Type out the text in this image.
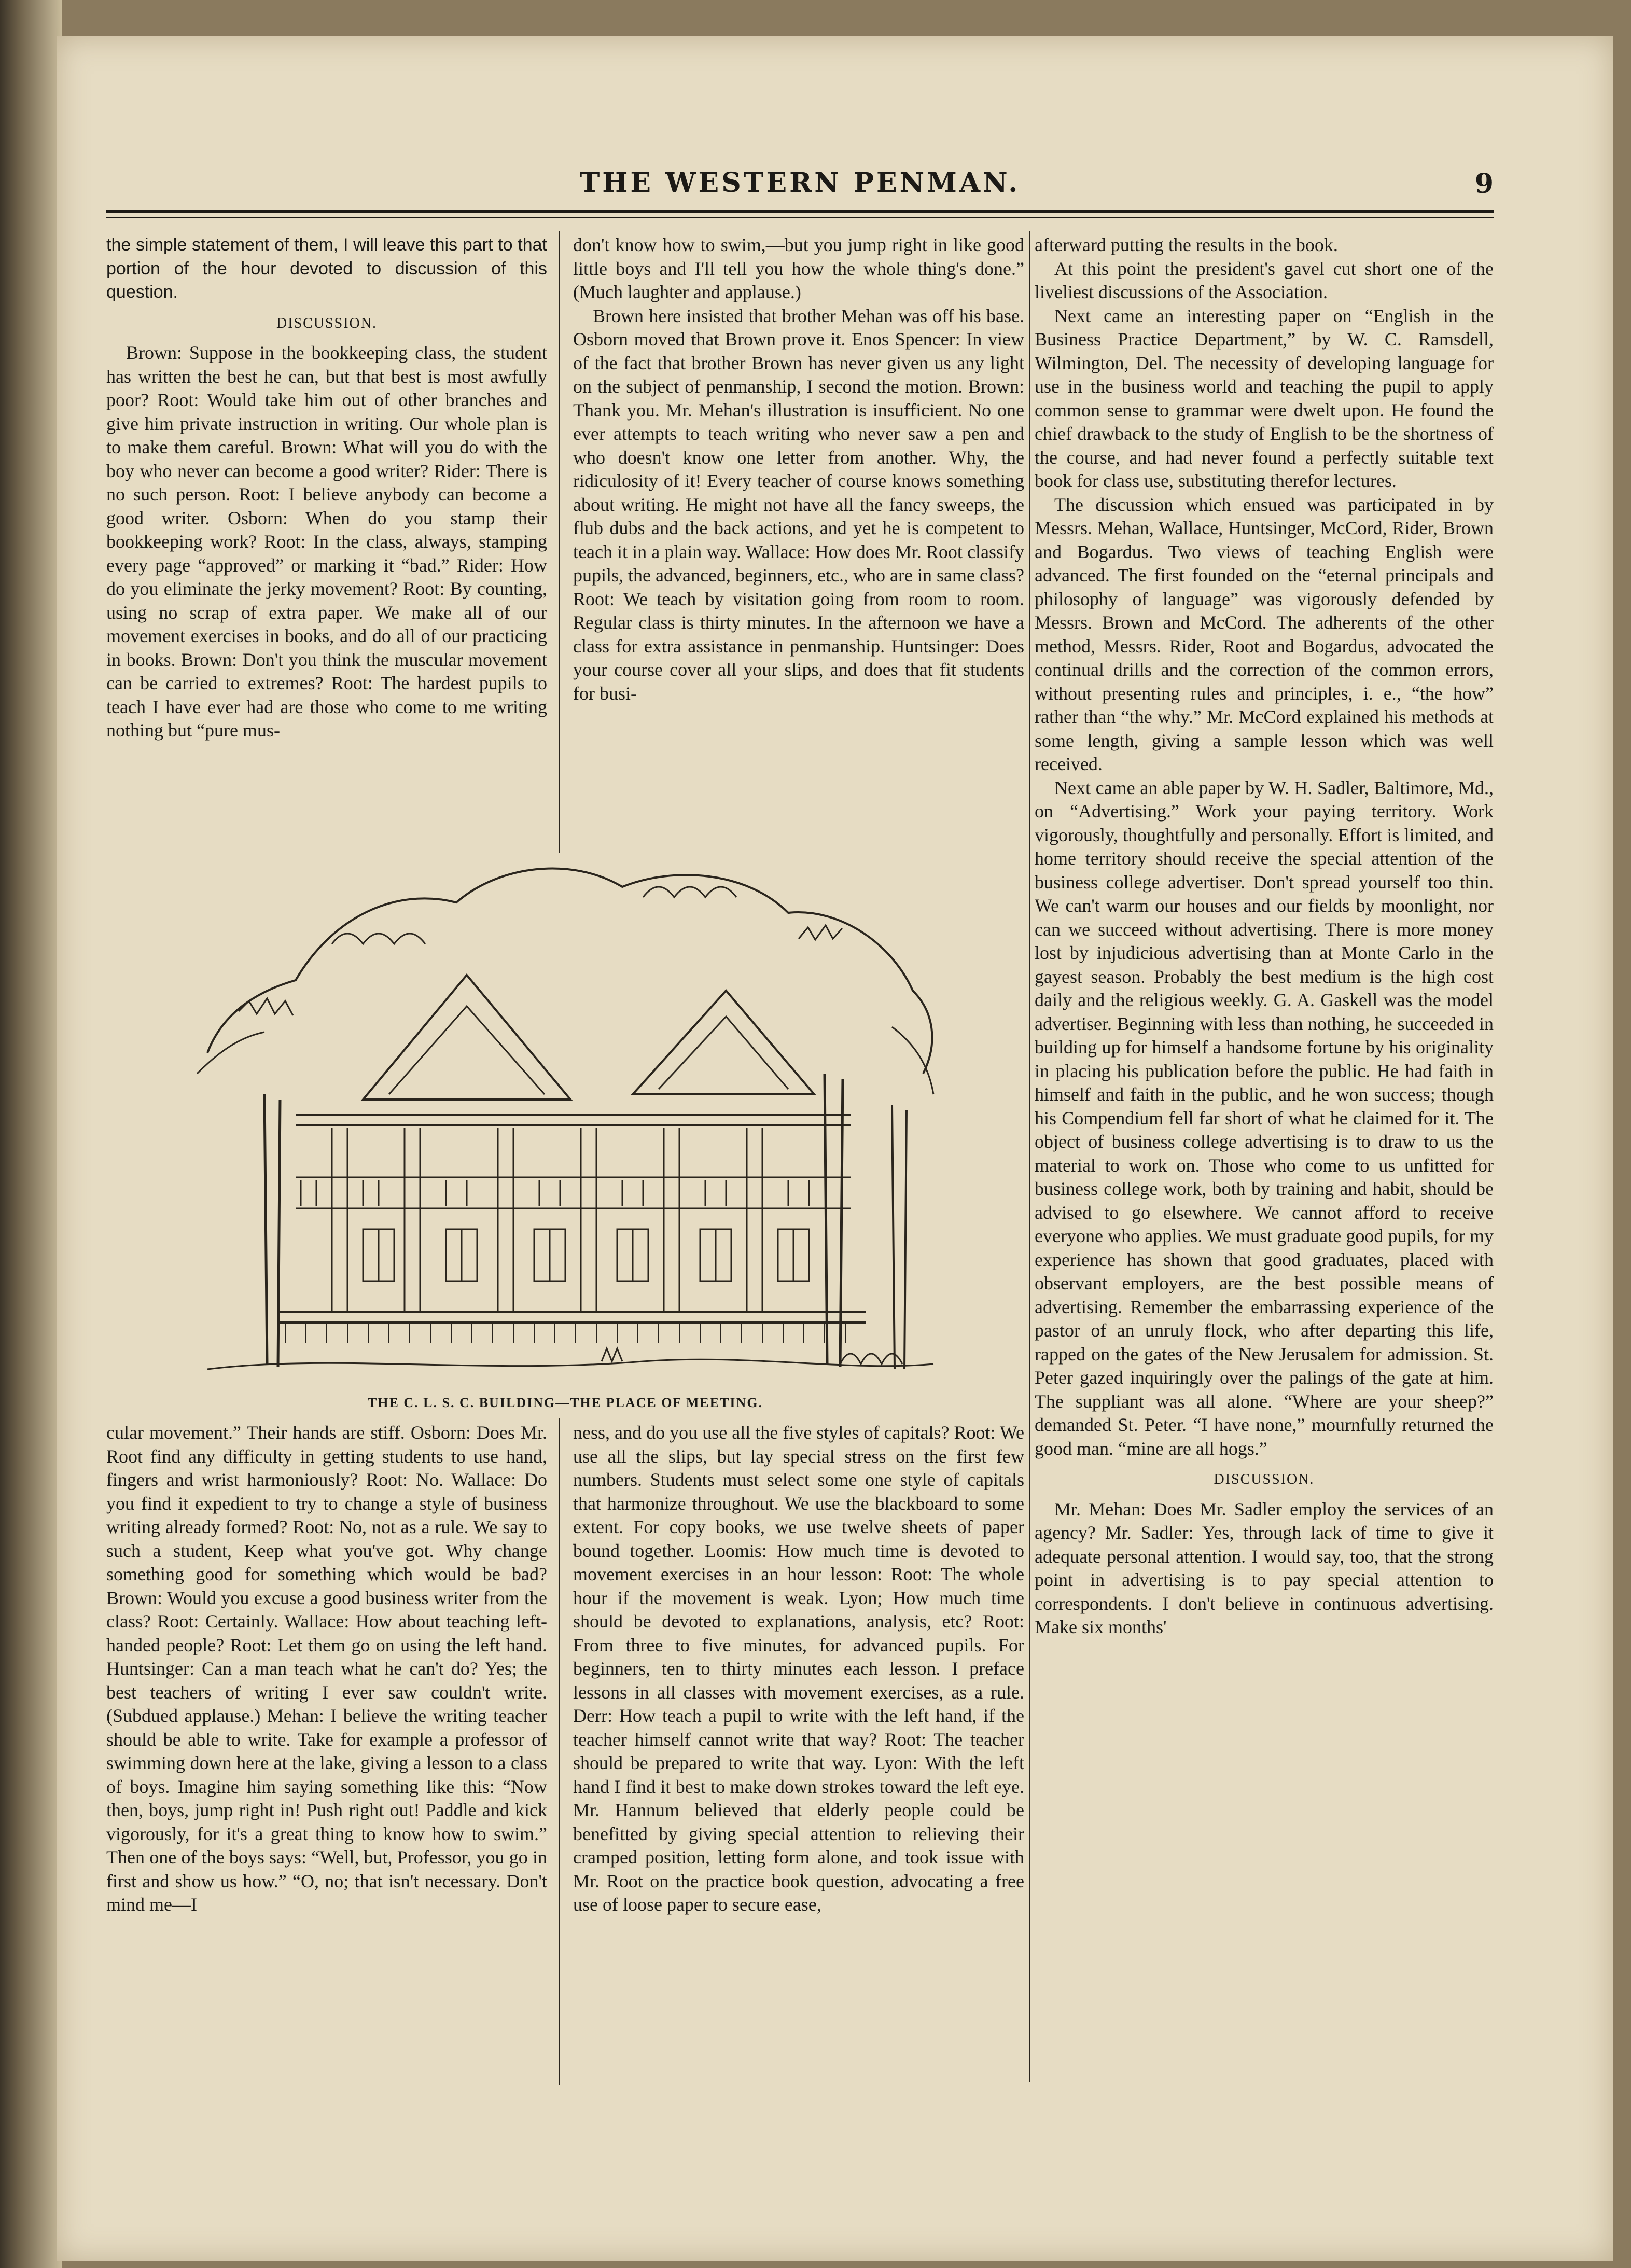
THE WESTERN PENMAN.	9

the simple statement of them, I will leave this part to that portion of the hour devoted to discussion of this question.

DISCUSSION.

Brown: Suppose in the bookkeeping class, the student has written the best he can, but that best is most awfully poor? Root: Would take him out of other branches and give him private instruction in writing. Our whole plan is to make them careful. Brown: What will you do with the boy who never can become a good writer? Rider: There is no such person. Root: I believe anybody can become a good writer. Osborn: When do you stamp their bookkeeping work? Root: In the class, always, stamping every page “approved” or marking it “bad.” Rider: How do you eliminate the jerky movement? Root: By counting, using no scrap of extra paper. We make all of our movement exercises in books, and do all of our practicing in books. Brown: Don't you think the muscular movement can be carried to extremes? Root: The hardest pupils to teach I have ever had are those who come to me writing nothing but “pure mus-

don't know how to swim,—but you jump right in like good little boys and I'll tell you how the whole thing's done.” (Much laughter and applause.)

Brown here insisted that brother Mehan was off his base. Osborn moved that Brown prove it. Enos Spencer: In view of the fact that brother Brown has never given us any light on the subject of penmanship, I second the motion. Brown: Thank you. Mr. Mehan's illustration is insufficient. No one ever attempts to teach writing who never saw a pen and who doesn't know one letter from another. Why, the ridiculosity of it! Every teacher of course knows something about writing. He might not have all the fancy sweeps, the flub dubs and the back actions, and yet he is competent to teach it in a plain way. Wallace: How does Mr. Root classify pupils, the advanced, beginners, etc., who are in same class? Root: We teach by visitation going from room to room. Regular class is thirty minutes. In the afternoon we have a class for extra assistance in penmanship. Huntsinger: Does your course cover all your slips, and does that fit students for busi-

afterward putting the results in the book.

At this point the president's gavel cut short one of the liveliest discussions of the Association.

Next came an interesting paper on “English in the Business Practice Department,” by W. C. Ramsdell, Wilmington, Del. The necessity of developing language for use in the business world and teaching the pupil to apply common sense to grammar were dwelt upon. He found the chief drawback to the study of English to be the shortness of the course, and had never found a perfectly suitable text book for class use, substituting therefor lectures.

The discussion which ensued was participated in by Messrs. Mehan, Wallace, Huntsinger, McCord, Rider, Brown and Bogardus. Two views of teaching English were advanced. The first founded on the “eternal principals and philosophy of language” was vigorously defended by Messrs. Brown and McCord. The adherents of the other method, Messrs. Rider, Root and Bogardus, advocated the continual drills and the correction of the common errors, without presenting rules and principles, i. e., “the how” rather than “the why.” Mr. McCord explained his methods at some length, giving a sample lesson which was well received.

Next came an able paper by W. H. Sadler, Baltimore, Md., on “Advertising.” Work your paying territory. Work vigorously, thoughtfully and personally. Effort is limited, and home territory should receive the special attention of the business college advertiser. Don't spread yourself too thin. We can't warm our houses and our fields by moonlight, nor can we succeed without advertising. There is more money lost by injudicious advertising than at Monte Carlo in the gayest season. Probably the best medium is the high cost daily and the religious weekly. G. A. Gaskell was the model advertiser. Beginning with less than nothing, he succeeded in building up for himself a handsome fortune by his originality in placing his publication before the public. He had faith in himself and faith in the public, and he won success; though his Compendium fell far short of what he claimed for it. The object of business college advertising is to draw to us the material to work on. Those who come to us unfitted for business college work, both by training and habit, should be advised to go elsewhere. We cannot afford to receive everyone who applies. We must graduate good pupils, for my experience has shown that good graduates, placed with observant employers, are the best possible means of advertising. Remember the embarrassing experience of the pastor of an unruly flock, who after departing this life, rapped on the gates of the New Jerusalem for admission. St. Peter gazed inquiringly over the palings of the gate at him. The suppliant was all alone. “Where are your sheep?” demanded St. Peter. “I have none,” mournfully returned the good man. “mine are all hogs.”

DISCUSSION.

Mr. Mehan: Does Mr. Sadler employ the services of an agency? Mr. Sadler: Yes, through lack of time to give it adequate personal attention. I would say, too, that the strong point in advertising is to pay special attention to correspondents. I don't believe in continuous advertising. Make six months'

THE C. L. S. C. BUILDING—THE PLACE OF MEETING.

cular movement.” Their hands are stiff. Osborn: Does Mr. Root find any difficulty in getting students to use hand, fingers and wrist harmoniously? Root: No. Wallace: Do you find it expedient to try to change a style of business writing already formed? Root: No, not as a rule. We say to such a student, Keep what you've got. Why change something good for something which would be bad? Brown: Would you excuse a good business writer from the class? Root: Certainly. Wallace: How about teaching left-handed people? Root: Let them go on using the left hand. Huntsinger: Can a man teach what he can't do? Yes; the best teachers of writing I ever saw couldn't write. (Subdued applause.) Mehan: I believe the writing teacher should be able to write. Take for example a professor of swimming down here at the lake, giving a lesson to a class of boys. Imagine him saying something like this: “Now then, boys, jump right in! Push right out! Paddle and kick vigorously, for it's a great thing to know how to swim.” Then one of the boys says: “Well, but, Professor, you go in first and show us how.” “O, no; that isn't necessary. Don't mind me—I

ness, and do you use all the five styles of capitals? Root: We use all the slips, but lay special stress on the first few numbers. Students must select some one style of capitals that harmonize throughout. We use the blackboard to some extent. For copy books, we use twelve sheets of paper bound together. Loomis: How much time is devoted to movement exercises in an hour lesson: Root: The whole hour if the movement is weak. Lyon; How much time should be devoted to explanations, analysis, etc? Root: From three to five minutes, for advanced pupils. For beginners, ten to thirty minutes each lesson. I preface lessons in all classes with movement exercises, as a rule. Derr: How teach a pupil to write with the left hand, if the teacher himself cannot write that way? Root: The teacher should be prepared to write that way. Lyon: With the left hand I find it best to make down strokes toward the left eye. Mr. Hannum believed that elderly people could be benefitted by giving special attention to relieving their cramped position, letting form alone, and took issue with Mr. Root on the practice book question, advocating a free use of loose paper to secure ease,
